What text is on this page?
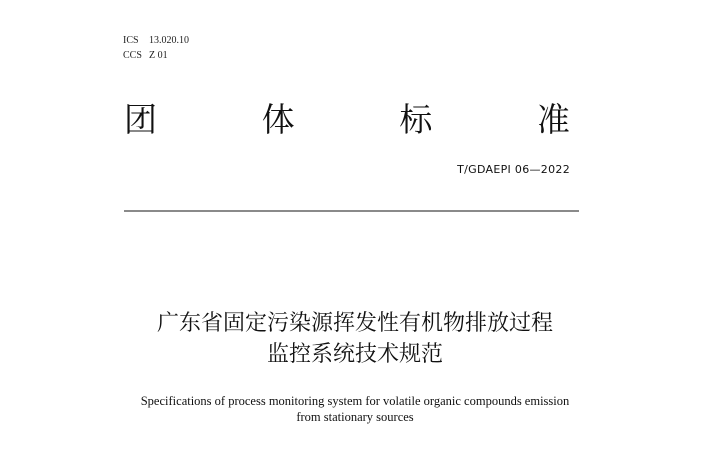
ICS 13.020.10
CCS Z 01
团	体	标	准
T/GDAEPI 06—2022
广东省固定污染源挥发性有机物排放过程
监控系统技术规范
Specifications of process monitoring system for volatile organic compounds emission
from stationary sources
